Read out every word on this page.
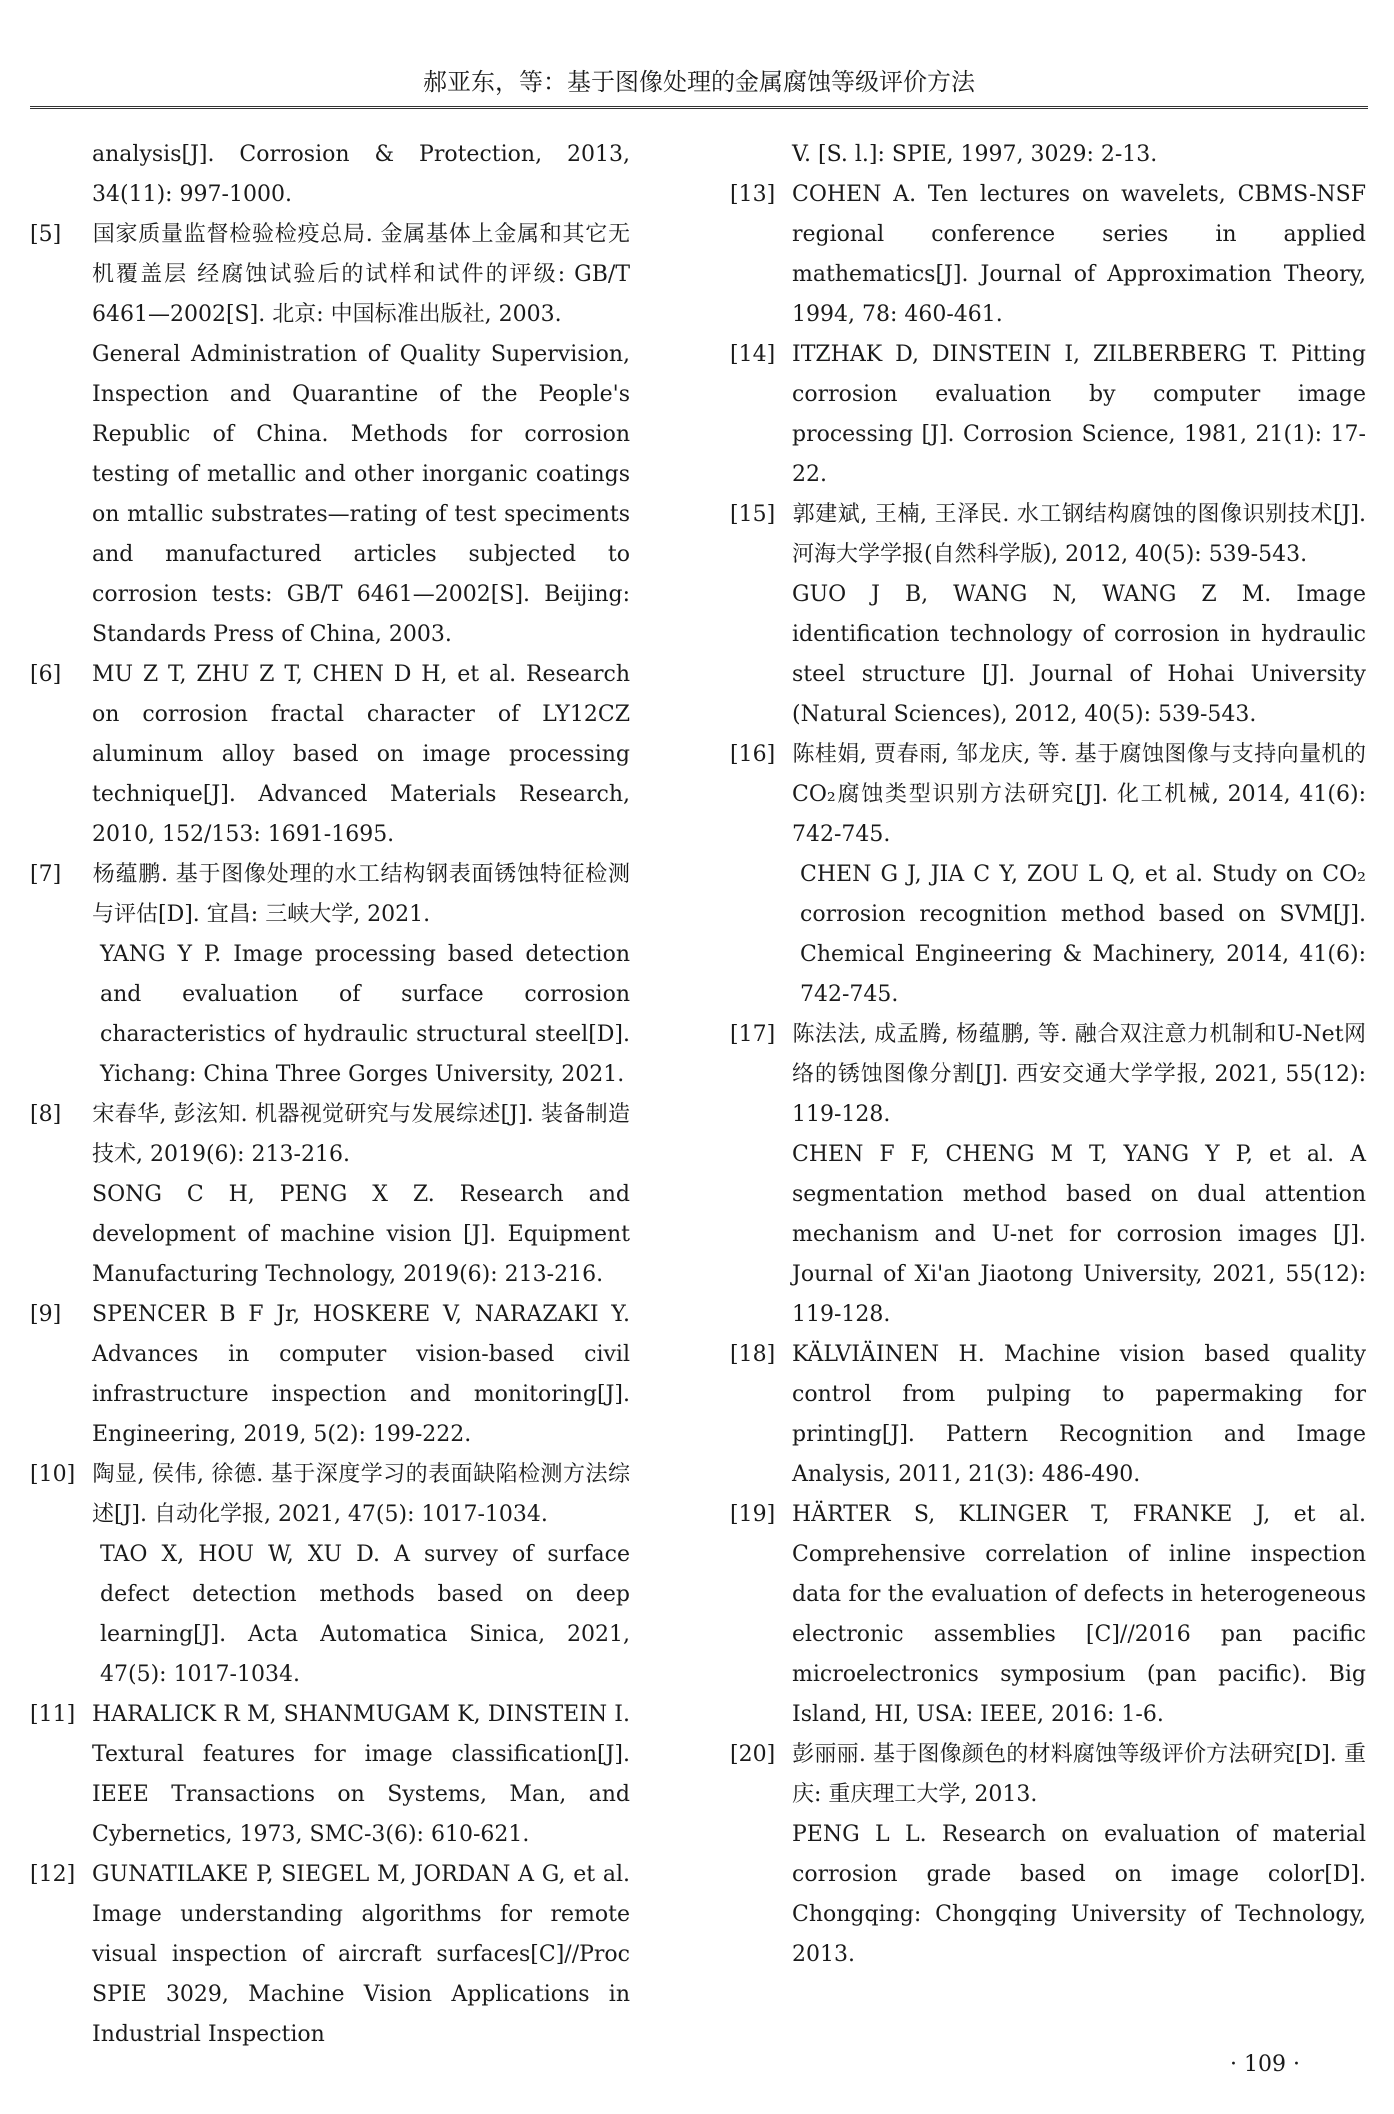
郝亚东，等：基于图像处理的金属腐蚀等级评价方法

analysis[J]. Corrosion & Protection, 2013, 34(11): 997-1000.

[5] 国家质量监督检验检疫总局. 金属基体上金属和其它无机覆盖层 经腐蚀试验后的试样和试件的评级: GB/T 6461—2002[S]. 北京: 中国标准出版社, 2003.

General Administration of Quality Supervision, Inspection and Quarantine of the People's Republic of China. Methods for corrosion testing of metallic and other inorganic coatings on mtallic substrates—rating of test speciments and manufactured articles subjected to corrosion tests: GB/T 6461—2002[S]. Beijing: Standards Press of China, 2003.

[6] MU Z T, ZHU Z T, CHEN D H, et al. Research on corrosion fractal character of LY12CZ aluminum alloy based on image processing technique[J]. Advanced Materials Research, 2010, 152/153: 1691-1695.

[7] 杨蕴鹏. 基于图像处理的水工结构钢表面锈蚀特征检测与评估[D]. 宜昌: 三峡大学, 2021.

YANG Y P. Image processing based detection and evaluation of surface corrosion characteristics of hydraulic structural steel[D]. Yichang: China Three Gorges University, 2021.

[8] 宋春华, 彭泫知. 机器视觉研究与发展综述[J]. 装备制造技术, 2019(6): 213-216.

SONG C H, PENG X Z. Research and development of machine vision [J]. Equipment Manufacturing Technology, 2019(6): 213-216.

[9] SPENCER B F Jr, HOSKERE V, NARAZAKI Y. Advances in computer vision-based civil infrastructure inspection and monitoring[J]. Engineering, 2019, 5(2): 199-222.

[10] 陶显, 侯伟, 徐德. 基于深度学习的表面缺陷检测方法综述[J]. 自动化学报, 2021, 47(5): 1017-1034.

TAO X, HOU W, XU D. A survey of surface defect detection methods based on deep learning[J]. Acta Automatica Sinica, 2021, 47(5): 1017-1034.

[11] HARALICK R M, SHANMUGAM K, DINSTEIN I. Textural features for image classification[J]. IEEE Transactions on Systems, Man, and Cybernetics, 1973, SMC-3(6): 610-621.

[12] GUNATILAKE P, SIEGEL M, JORDAN A G, et al. Image understanding algorithms for remote visual inspection of aircraft surfaces[C]//Proc SPIE 3029, Machine Vision Applications in Industrial Inspection

V. [S. l.]: SPIE, 1997, 3029: 2-13.

[13] COHEN A. Ten lectures on wavelets, CBMS-NSF regional conference series in applied mathematics[J]. Journal of Approximation Theory, 1994, 78: 460-461.

[14] ITZHAK D, DINSTEIN I, ZILBERBERG T. Pitting corrosion evaluation by computer image processing [J]. Corrosion Science, 1981, 21(1): 17-22.

[15] 郭建斌, 王楠, 王泽民. 水工钢结构腐蚀的图像识别技术[J]. 河海大学学报(自然科学版), 2012, 40(5): 539-543.

GUO J B, WANG N, WANG Z M. Image identification technology of corrosion in hydraulic steel structure [J]. Journal of Hohai University (Natural Sciences), 2012, 40(5): 539-543.

[16] 陈桂娟, 贾春雨, 邹龙庆, 等. 基于腐蚀图像与支持向量机的CO₂腐蚀类型识别方法研究[J]. 化工机械, 2014, 41(6): 742-745.

CHEN G J, JIA C Y, ZOU L Q, et al. Study on CO₂ corrosion recognition method based on SVM[J]. Chemical Engineering & Machinery, 2014, 41(6): 742-745.

[17] 陈法法, 成孟腾, 杨蕴鹏, 等. 融合双注意力机制和U-Net网络的锈蚀图像分割[J]. 西安交通大学学报, 2021, 55(12): 119-128.

CHEN F F, CHENG M T, YANG Y P, et al. A segmentation method based on dual attention mechanism and U-net for corrosion images [J]. Journal of Xi'an Jiaotong University, 2021, 55(12): 119-128.

[18] KÄLVIÄINEN H. Machine vision based quality control from pulping to papermaking for printing[J]. Pattern Recognition and Image Analysis, 2011, 21(3): 486-490.

[19] HÄRTER S, KLINGER T, FRANKE J, et al. Comprehensive correlation of inline inspection data for the evaluation of defects in heterogeneous electronic assemblies [C]//2016 pan pacific microelectronics symposium (pan pacific). Big Island, HI, USA: IEEE, 2016: 1-6.

[20] 彭丽丽. 基于图像颜色的材料腐蚀等级评价方法研究[D]. 重庆: 重庆理工大学, 2013.

PENG L L. Research on evaluation of material corrosion grade based on image color[D]. Chongqing: Chongqing University of Technology, 2013.

· 109 ·
